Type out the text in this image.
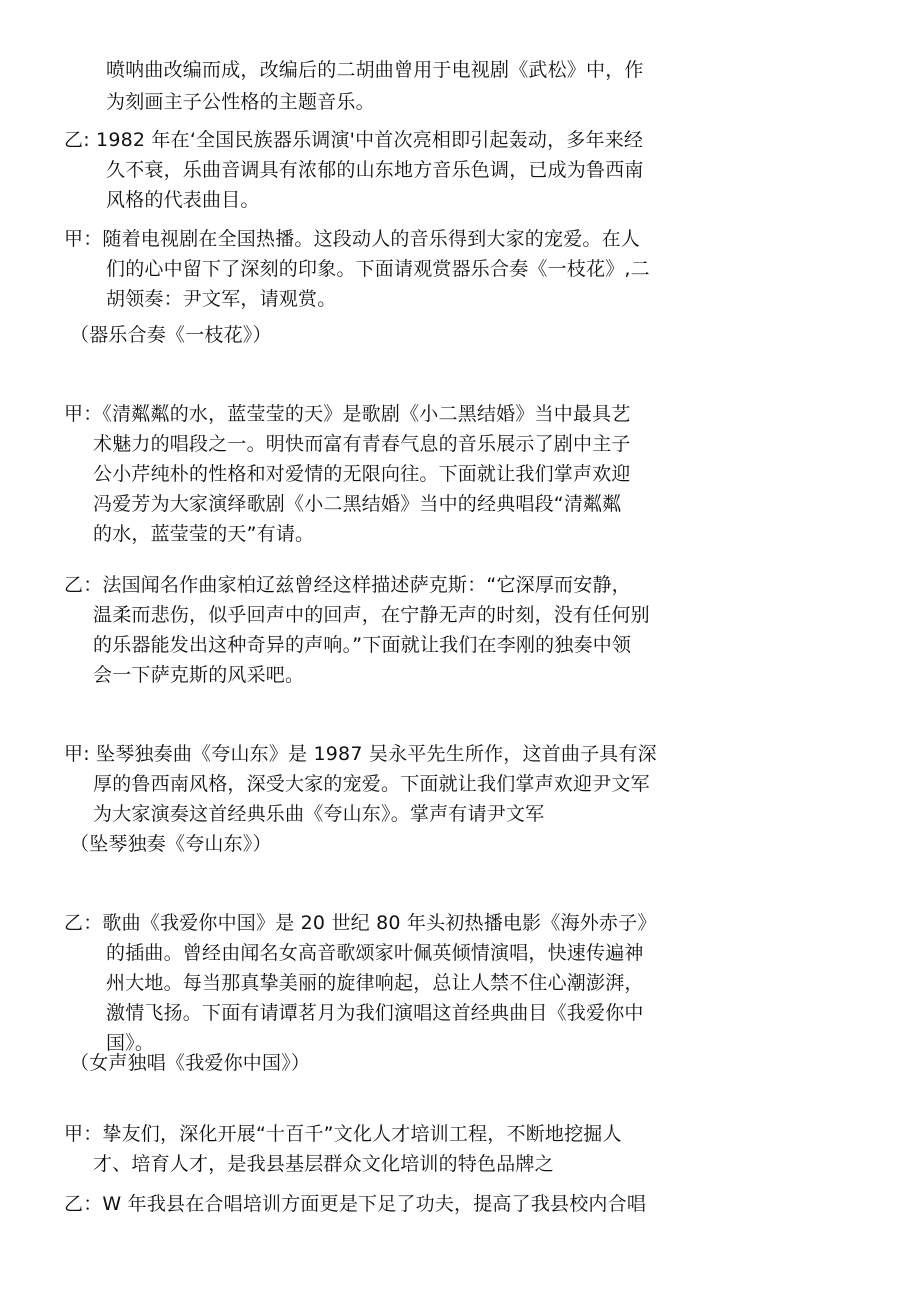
喷呐曲改编而成，改编后的二胡曲曾用于电视剧《武松》中，作
为刻画主子公性格的主题音乐。
乙: 1982 年在‘全国民族器乐调演'中首次亮相即引起轰动，多年来经
久不衰，乐曲音调具有浓郁的山东地方音乐色调，已成为鲁西南
风格的代表曲目。
甲：随着电视剧在全国热播。这段动人的音乐得到大家的宠爱。在人
们的心中留下了深刻的印象。下面请观赏器乐合奏《一枝花》,二
胡领奏：尹文军，请观赏。
（器乐合奏《一枝花》）
甲：《清粼粼的水，蓝莹莹的天》是歌剧《小二黑结婚》当中最具艺
术魅力的唱段之一。明快而富有青春气息的音乐展示了剧中主子
公小芹纯朴的性格和对爱情的无限向往。下面就让我们掌声欢迎
冯爱芳为大家演绎歌剧《小二黑结婚》当中的经典唱段“清粼粼
的水，蓝莹莹的天”有请。
乙：法国闻名作曲家柏辽兹曾经这样描述萨克斯：“它深厚而安静，
温柔而悲伤，似乎回声中的回声，在宁静无声的时刻，没有任何别
的乐器能发出这种奇异的声响。”下面就让我们在李刚的独奏中领
会一下萨克斯的风采吧。
甲: 坠琴独奏曲《夸山东》是 1987 吴永平先生所作，这首曲子具有深
厚的鲁西南风格，深受大家的宠爱。下面就让我们掌声欢迎尹文军
为大家演奏这首经典乐曲《夸山东》。掌声有请尹文军
（坠琴独奏《夸山东》）
乙：歌曲《我爱你中国》是 20 世纪 80 年头初热播电影《海外赤子》
的插曲。曾经由闻名女高音歌颂家叶佩英倾情演唱，快速传遍神
州大地。每当那真挚美丽的旋律响起，总让人禁不住心潮澎湃，
激情飞扬。下面有请谭茗月为我们演唱这首经典曲目《我爱你中
国》。
（女声独唱《我爱你中国》）
甲：挚友们，深化开展“十百千”文化人才培训工程，不断地挖掘人
才、培育人才，是我县基层群众文化培训的特色品牌之
乙：W 年我县在合唱培训方面更是下足了功夫，提高了我县校内合唱
